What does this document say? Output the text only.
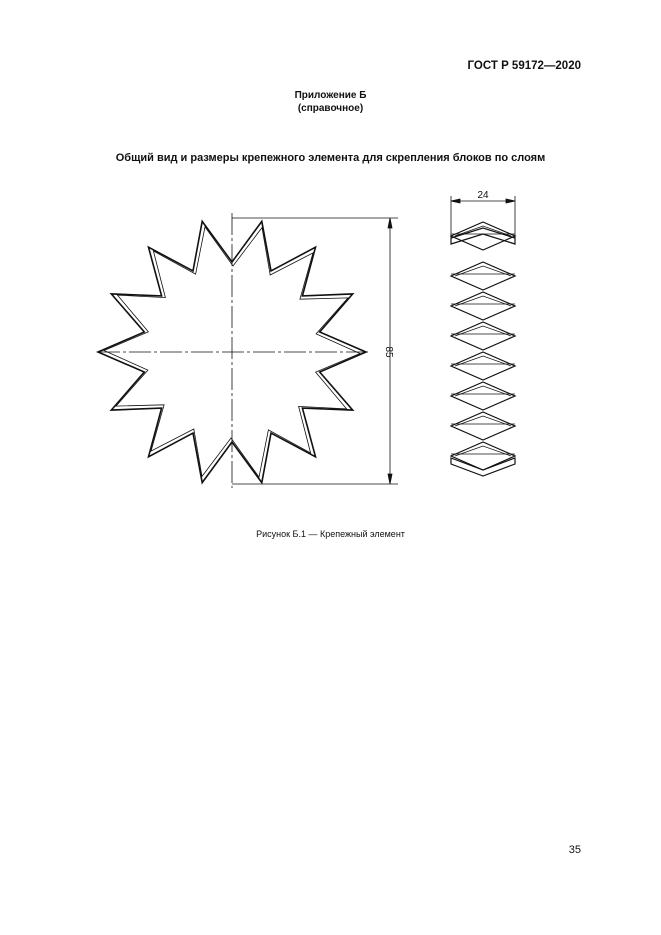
ГОСТ Р 59172—2020
Приложение Б
(справочное)
Общий вид и размеры крепежного элемента для скрепления блоков по слоям
85
24
Рисунок Б.1 — Крепежный элемент
35
